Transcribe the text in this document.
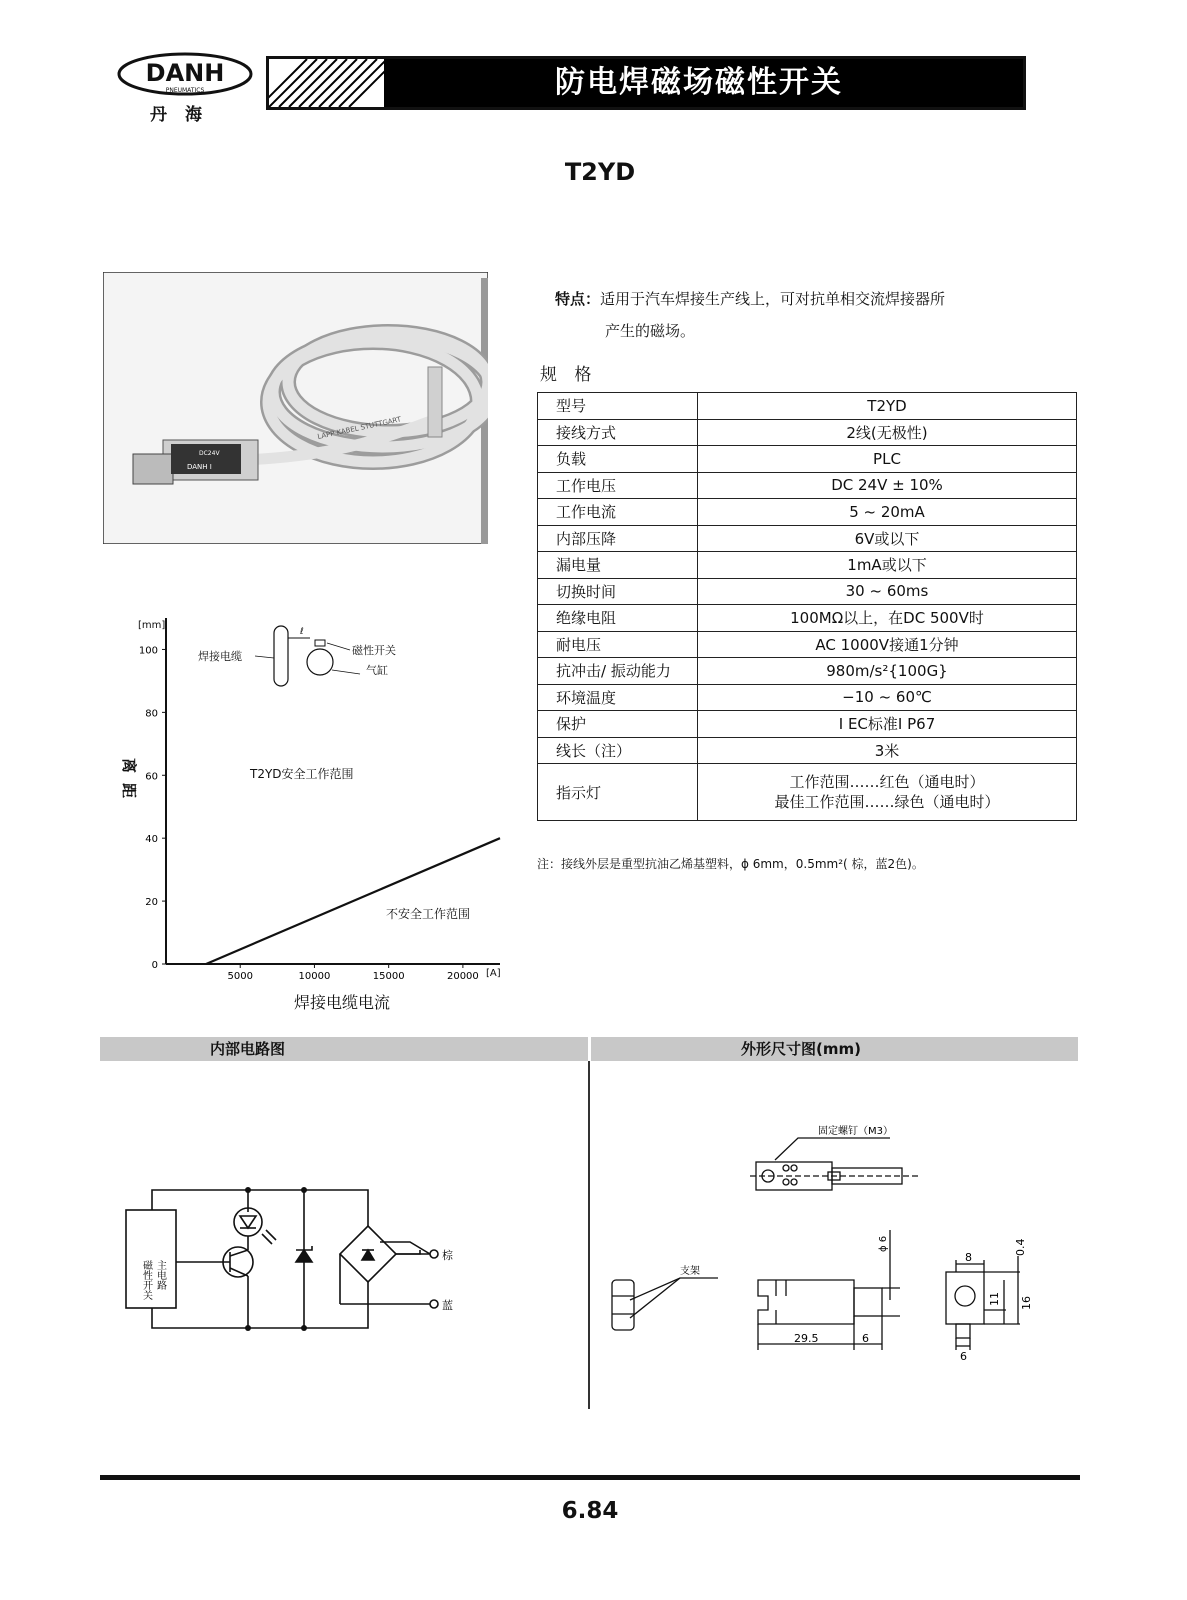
DANH
PNEUMATICS
丹海
防电焊磁场磁性开关
T2YD
LAPP KABEL STUTTGART
DC24V
DANH I
特点：适用于汽车焊接生产线上，可对抗单相交流焊接器所
产生的磁场。
规 格
型号	T2YD
接线方式	2线(无极性)
负载	PLC
工作电压	DC 24V ± 10%
工作电流	5 ~ 20mA
内部压降	6V或以下
漏电量	1mA或以下
切换时间	30 ~ 60ms
绝缘电阻	100MΩ以上，在DC 500V时
耐电压	AC 1000V接通1分钟
抗冲击/ 振动能力	980m/s²{100G}
环境温度	−10 ~ 60℃
保护	I EC标准I P67
线长（注）	3米
指示灯	工作范围……红色（通电时）
最佳工作范围……绿色（通电时）
注：接线外层是重型抗油乙烯基塑料，ϕ 6mm，0.5mm²( 棕，蓝2色)。
[mm]
[A]
离距
焊接电缆电流
T2YD安全工作范围
不安全工作范围
ℓ
焊接电缆	磁性开关
气缸
0
20
40
60
80
100
5000	10000	15000	20000
内部电路图	外形尺寸图(mm)
磁性开关 主电路
棕
蓝
固定螺钉（M3）
支架
ϕ 6
29.5	6
8
0.4
11 16
6
6.84
